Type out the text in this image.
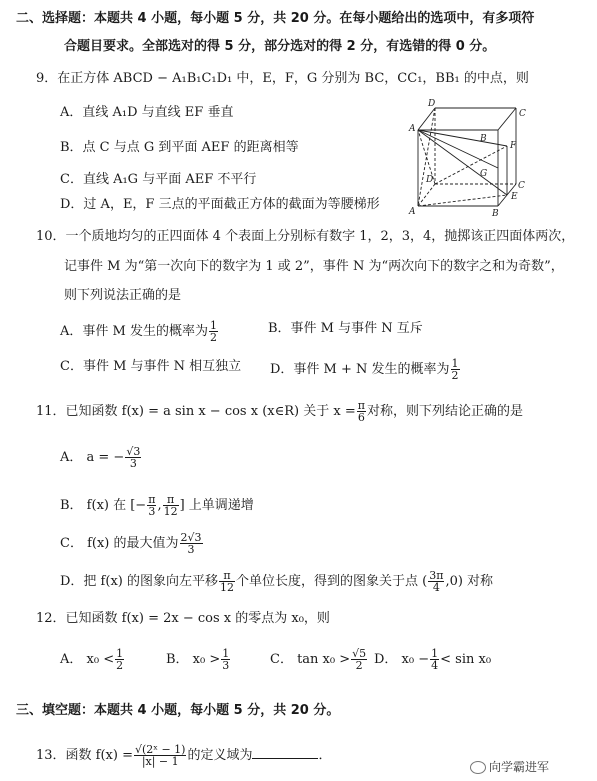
二、选择题：本题共 4 小题，每小题 5 分，共 20 分。在每小题给出的选项中，有多项符
合题目要求。全部选对的得 5 分，部分选对的得 2 分，有选错的得 0 分。
9．在正方体 ABCD − A₁B₁C₁D₁ 中，E，F，G 分别为 BC，CC₁，BB₁ 的中点，则
A．直线 A₁D 与直线 EF 垂直
B．点 C 与点 G 到平面 AEF 的距离相等
C．直线 A₁G 与平面 AEF 不平行
D．过 A，E，F 三点的平面截正方体的截面为等腰梯形
D
C
A
B
F
G
D
C
E
A	B
10．一个质地均匀的正四面体 4 个表面上分别标有数字 1，2，3，4，抛掷该正四面体两次，
记事件 M 为“第一次向下的数字为 1 或 2”，事件 N 为“两次向下的数字之和为奇数”，
则下列说法正确的是
A．事件 M 发生的概率为 $\frac{1}{2}$	B．事件 M 与事件 N 互斥
C．事件 M 与事件 N 相互独立 D．事件 M + N 发生的概率为 $\frac{1}{2}$
11．已知函数 f(x) = a sin x − cos x (x∈R) 关于 $x = \frac{\pi}{6}$ 对称，则下列结论正确的是
A． a = − $\frac{√3}{3}$
B． f(x) 在 [− $\frac{\pi}{3}$ , $\frac{\pi}{12}$ ] 上单调递增
C． f(x) 的最大值为 $\frac{2√3}{3}$
D．把 f(x) 的图象向左平移 $\frac{\pi}{12}$ 个单位长度，得到的图象关于点 ( $\frac{3\pi}{4} ,0$) 对称
12．已知函数 f(x) = 2x − cos x 的零点为 x₀，则
A． $x_0 < \frac{1}{2}$	B． $x_0 > \frac{1}{3}$	C． $\tan x_0 > \frac{√5}{2}$ D． $x_0 - \frac{1}{4} < \sin x_0$
三、填空题：本题共 4 小题，每小题 5 分，共 20 分。
13．函数 $f(x) = \frac{\text{√(2ˣ − 1)}}{|x| - 1}$ 的定义域为	．
向学霸进军
